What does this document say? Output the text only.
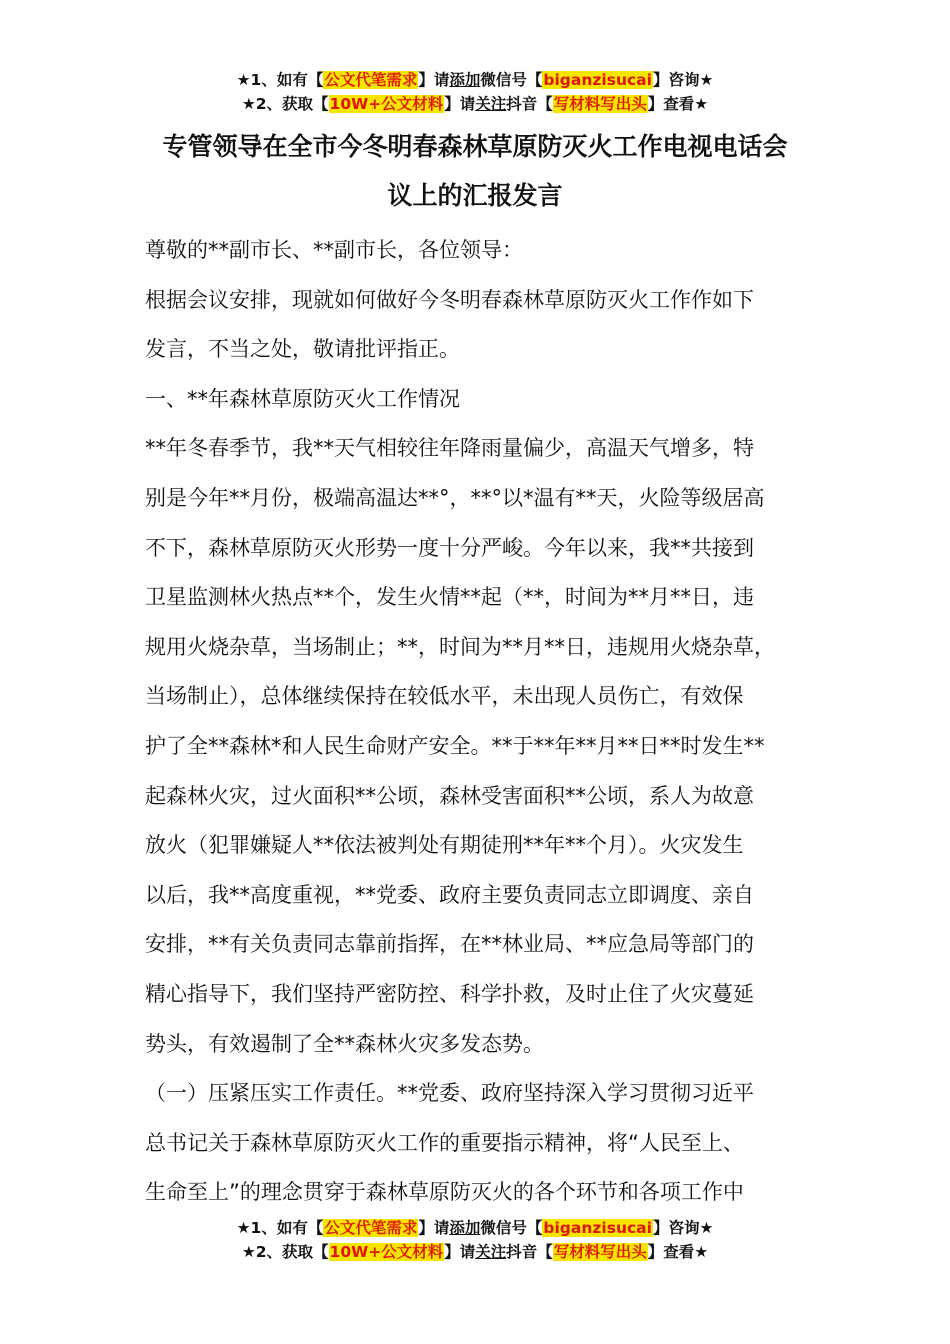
★1、如有【公文代笔需求】请添加微信号【biganzisucai】咨询★
★2、获取【10W+公文材料】请关注抖音【写材料写出头】查看★
专管领导在全市今冬明春森林草原防灭火工作电视电话会
议上的汇报发言
尊敬的**副市长、**副市长，各位领导：
根据会议安排，现就如何做好今冬明春森林草原防灭火工作作如下
发言，不当之处，敬请批评指正。
一、**年森林草原防灭火工作情况
**年冬春季节，我**天气相较往年降雨量偏少，高温天气增多，特
别是今年**月份，极端高温达**°，**°以*温有**天，火险等级居高
不下，森林草原防灭火形势一度十分严峻。今年以来，我**共接到
卫星监测林火热点**个，发生火情**起（**，时间为**月**日，违
规用火烧杂草，当场制止；**，时间为**月**日，违规用火烧杂草，
当场制止），总体继续保持在较低水平，未出现人员伤亡，有效保
护了全**森林*和人民生命财产安全。**于**年**月**日**时发生**
起森林火灾，过火面积**公顷，森林受害面积**公顷，系人为故意
放火（犯罪嫌疑人**依法被判处有期徒刑**年**个月）。火灾发生
以后，我**高度重视，**党委、政府主要负责同志立即调度、亲自
安排，**有关负责同志靠前指挥，在**林业局、**应急局等部门的
精心指导下，我们坚持严密防控、科学扑救，及时止住了火灾蔓延
势头，有效遏制了全**森林火灾多发态势。
（一）压紧压实工作责任。**党委、政府坚持深入学习贯彻习近平
总书记关于森林草原防灭火工作的重要指示精神，将“人民至上、
生命至上”的理念贯穿于森林草原防灭火的各个环节和各项工作中
★1、如有【公文代笔需求】请添加微信号【biganzisucai】咨询★
★2、获取【10W+公文材料】请关注抖音【写材料写出头】查看★
